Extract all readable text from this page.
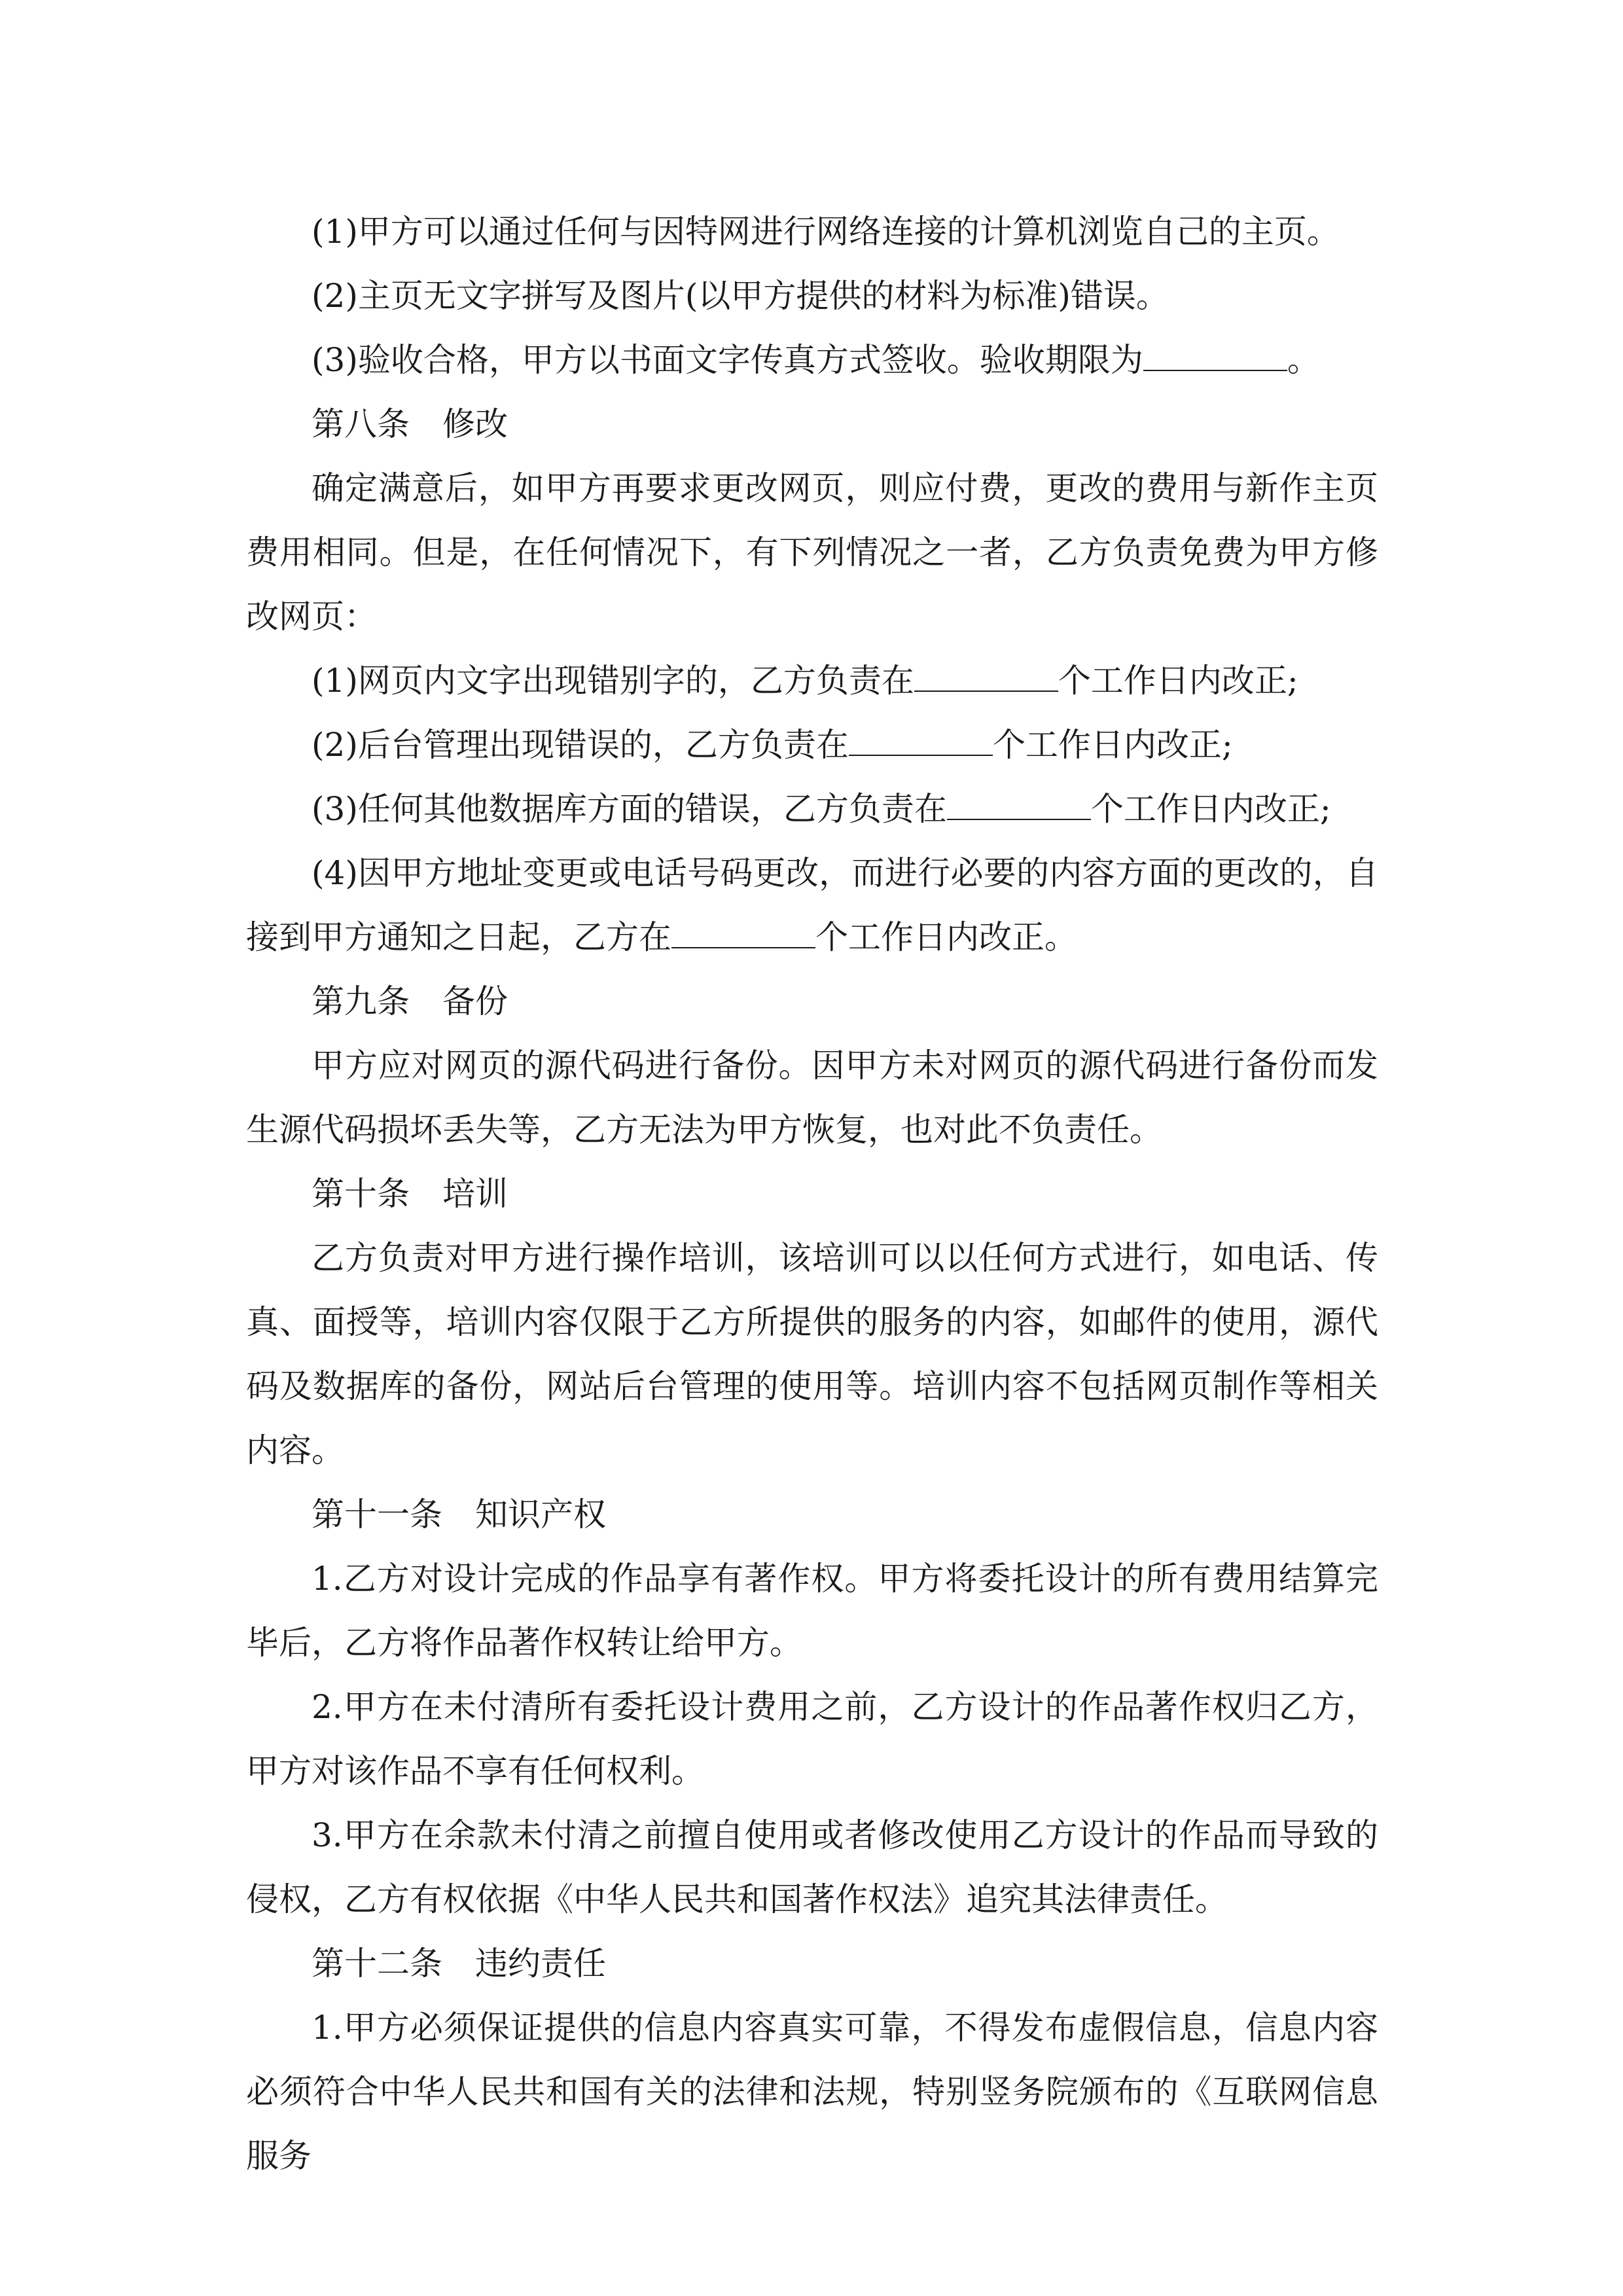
(1)甲方可以通过任何与因特网进行网络连接的计算机浏览自己的主页。

(2)主页无文字拼写及图片(以甲方提供的材料为标准)错误。

(3)验收合格，甲方以书面文字传真方式签收。验收期限为	。

第八条　修改

确定满意后，如甲方再要求更改网页，则应付费，更改的费用与新作主页费用相同。但是，在任何情况下，有下列情况之一者，乙方负责免费为甲方修改网页：

(1)网页内文字出现错别字的，乙方负责在	个工作日内改正;

(2)后台管理出现错误的，乙方负责在	个工作日内改正;

(3)任何其他数据库方面的错误，乙方负责在	个工作日内改正;

(4)因甲方地址变更或电话号码更改，而进行必要的内容方面的更改的，自接到甲方通知之日起，乙方在	个工作日内改正。

第九条　备份

甲方应对网页的源代码进行备份。因甲方未对网页的源代码进行备份而发生源代码损坏丢失等，乙方无法为甲方恢复，也对此不负责任。

第十条　培训

乙方负责对甲方进行操作培训，该培训可以以任何方式进行，如电话、传真、面授等，培训内容仅限于乙方所提供的服务的内容，如邮件的使用，源代码及数据库的备份，网站后台管理的使用等。培训内容不包括网页制作等相关内容。

第十一条　知识产权

1.乙方对设计完成的作品享有著作权。甲方将委托设计的所有费用结算完毕后，乙方将作品著作权转让给甲方。

2.甲方在未付清所有委托设计费用之前，乙方设计的作品著作权归乙方，甲方对该作品不享有任何权利。

3.甲方在余款未付清之前擅自使用或者修改使用乙方设计的作品而导致的侵权，乙方有权依据《中华人民共和国著作权法》追究其法律责任。

第十二条　违约责任

1.甲方必须保证提供的信息内容真实可靠，不得发布虚假信息，信息内容必须符合中华人民共和国有关的法律和法规，特别竖务院颁布的《互联网信息服务
